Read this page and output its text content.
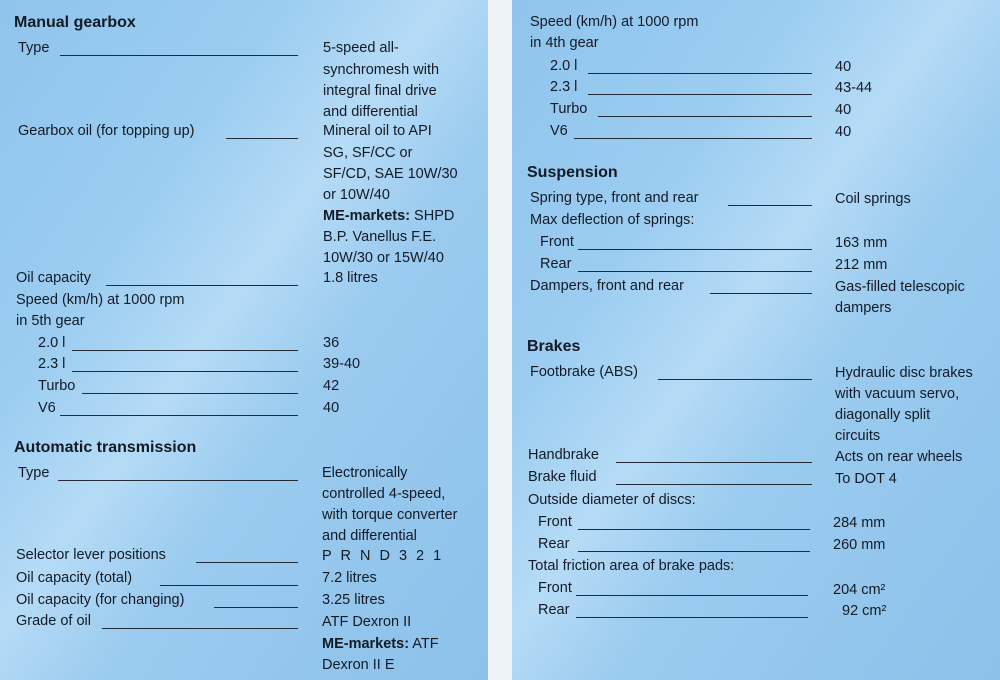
Manual gearbox
Type	5-speed all-
synchromesh with
integral final drive
and differential
Gearbox oil (for topping up)	Mineral oil to API
SG, SF/CC or
SF/CD, SAE 10W/30
or 10W/40
ME-markets: SHPD
B.P. Vanellus F.E.
10W/30 or 15W/40
Oil capacity	1.8 litres
Speed (km/h) at 1000 rpm
in 5th gear
2.0 l	36
2.3 l	39-40
Turbo	42
V6	40
Automatic transmission
Type	Electronically
controlled 4-speed,
with torque converter
and differential
Selector lever positions	P R N D 3 2 1
Oil capacity (total)	7.2 litres
Oil capacity (for changing)	3.25 litres
Grade of oil	ATF Dexron II
ME-markets: ATF
Dexron II E
Speed (km/h) at 1000 rpm
in 4th gear
2.0 l	40
2.3 l	43-44
Turbo	40
V6	40
Suspension
Spring type, front and rear	Coil springs
Max deflection of springs:
Front	163 mm
Rear	212 mm
Dampers, front and rear	Gas-filled telescopic
dampers
Brakes
Footbrake (ABS)	Hydraulic disc brakes
with vacuum servo,
diagonally split
circuits
Handbrake	Acts on rear wheels
Brake fluid	To DOT 4
Outside diameter of discs:
Front	284 mm
Rear	260 mm
Total friction area of brake pads:
Front	204 cm²
Rear	92 cm²
